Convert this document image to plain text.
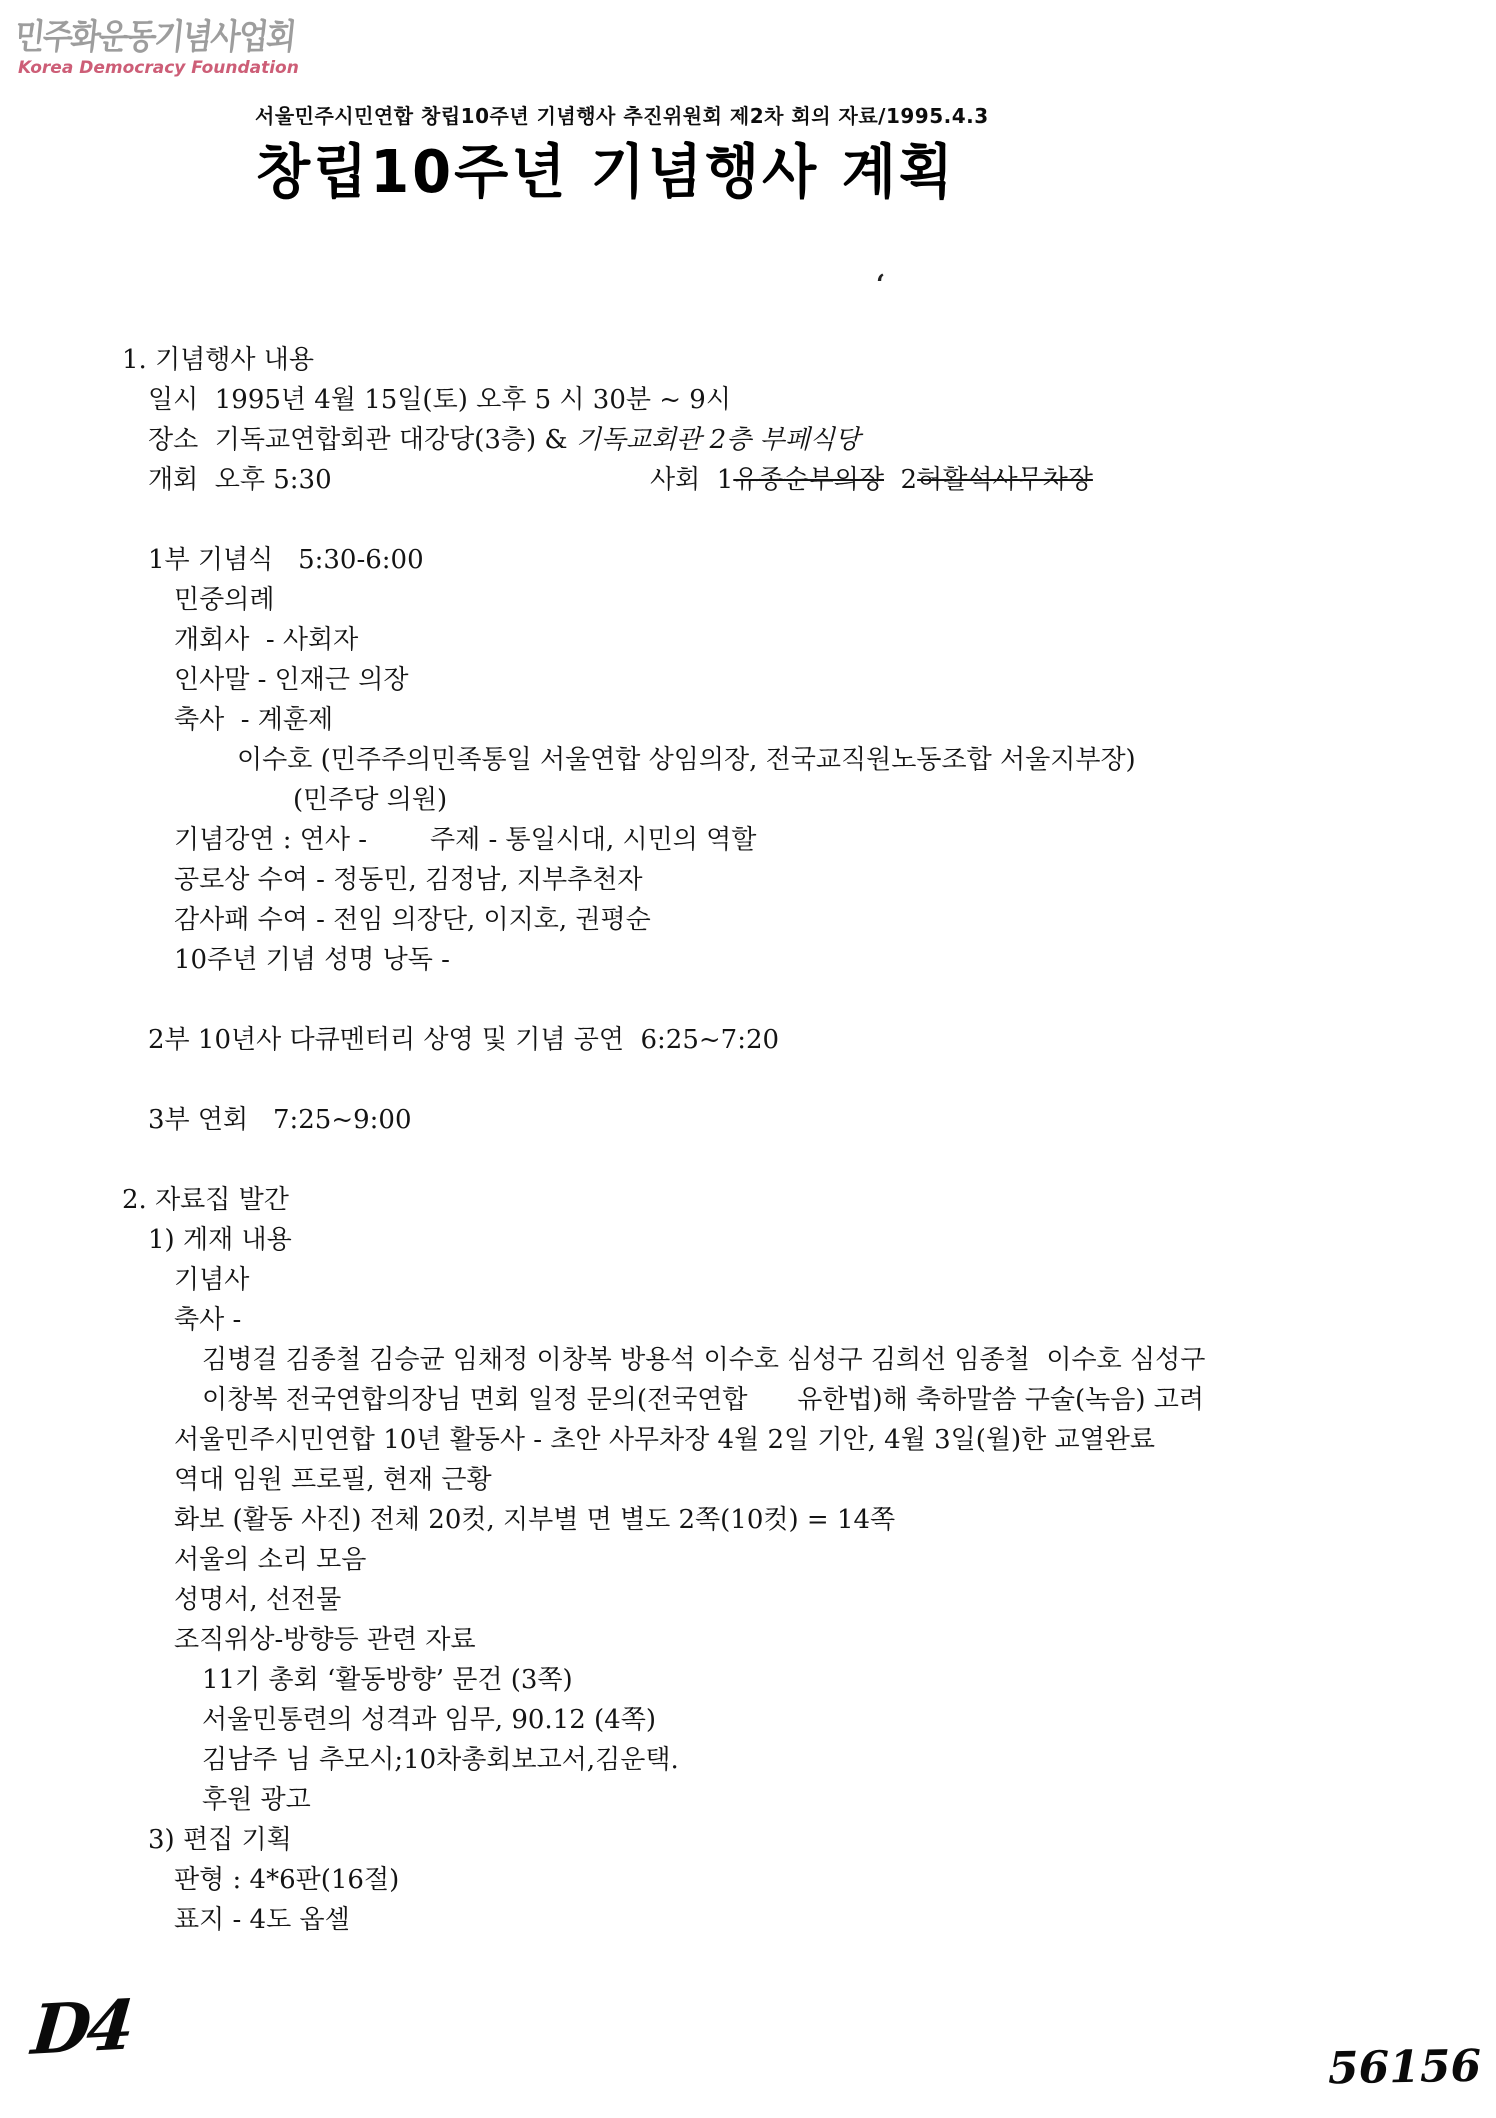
민주화운동기념사업회
Korea Democracy Foundation
서울민주시민연합 창립10주년 기념행사 추진위원회 제2차 회의 자료/1995.4.3
창립10주년 기념행사 계획
‘
1. 기념행사 내용
일시  1995년 4월 15일(토) 오후 5 시 30분 ~ 9시
장소  기독교연합회관 대강당(3층) & 기독교회관 2층 부페식당
개회  오후 5:30	사회  1유종순부의장  2허활석사무차장
1부 기념식   5:30-6:00
민중의례
개회사  - 사회자
인사말 - 인재근 의장
축사  - 계훈제
이수호 (민주주의민족통일 서울연합 상임의장, 전국교직원노동조합 서울지부장)
(민주당 의원)
기념강연 : 연사 - 주제 - 통일시대, 시민의 역할
공로상 수여 - 정동민, 김정남, 지부추천자
감사패 수여 - 전임 의장단, 이지호, 권평순
10주년 기념 성명 낭독 -
2부 10년사 다큐멘터리 상영 및 기념 공연  6:25~7:20
3부 연회   7:25~9:00
2. 자료집 발간
1) 게재 내용
기념사
축사 -
김병걸 김종철 김승균 임채정 이창복 방용석 이수호 심성구 김희선 임종철  이수호 심성구
이창복 전국연합의장님 면회 일정 문의(전국연합      유한법)해 축하말씀 구술(녹음) 고려
서울민주시민연합 10년 활동사 - 초안 사무차장 4월 2일 기안, 4월 3일(월)한 교열완료
역대 임원 프로필, 현재 근황
화보 (활동 사진) 전체 20컷, 지부별 면 별도 2쪽(10컷) = 14쪽
서울의 소리 모음
성명서, 선전물
조직위상-방향등 관련 자료
11기 총회 ‘활동방향’ 문건 (3쪽)
서울민통련의 성격과 임무, 90.12 (4쪽)
김남주 님 추모시;10차총회보고서,김운택.
후원 광고
3) 편집 기획
판형 : 4*6판(16절)
표지 - 4도 옵셀
D4	56156
